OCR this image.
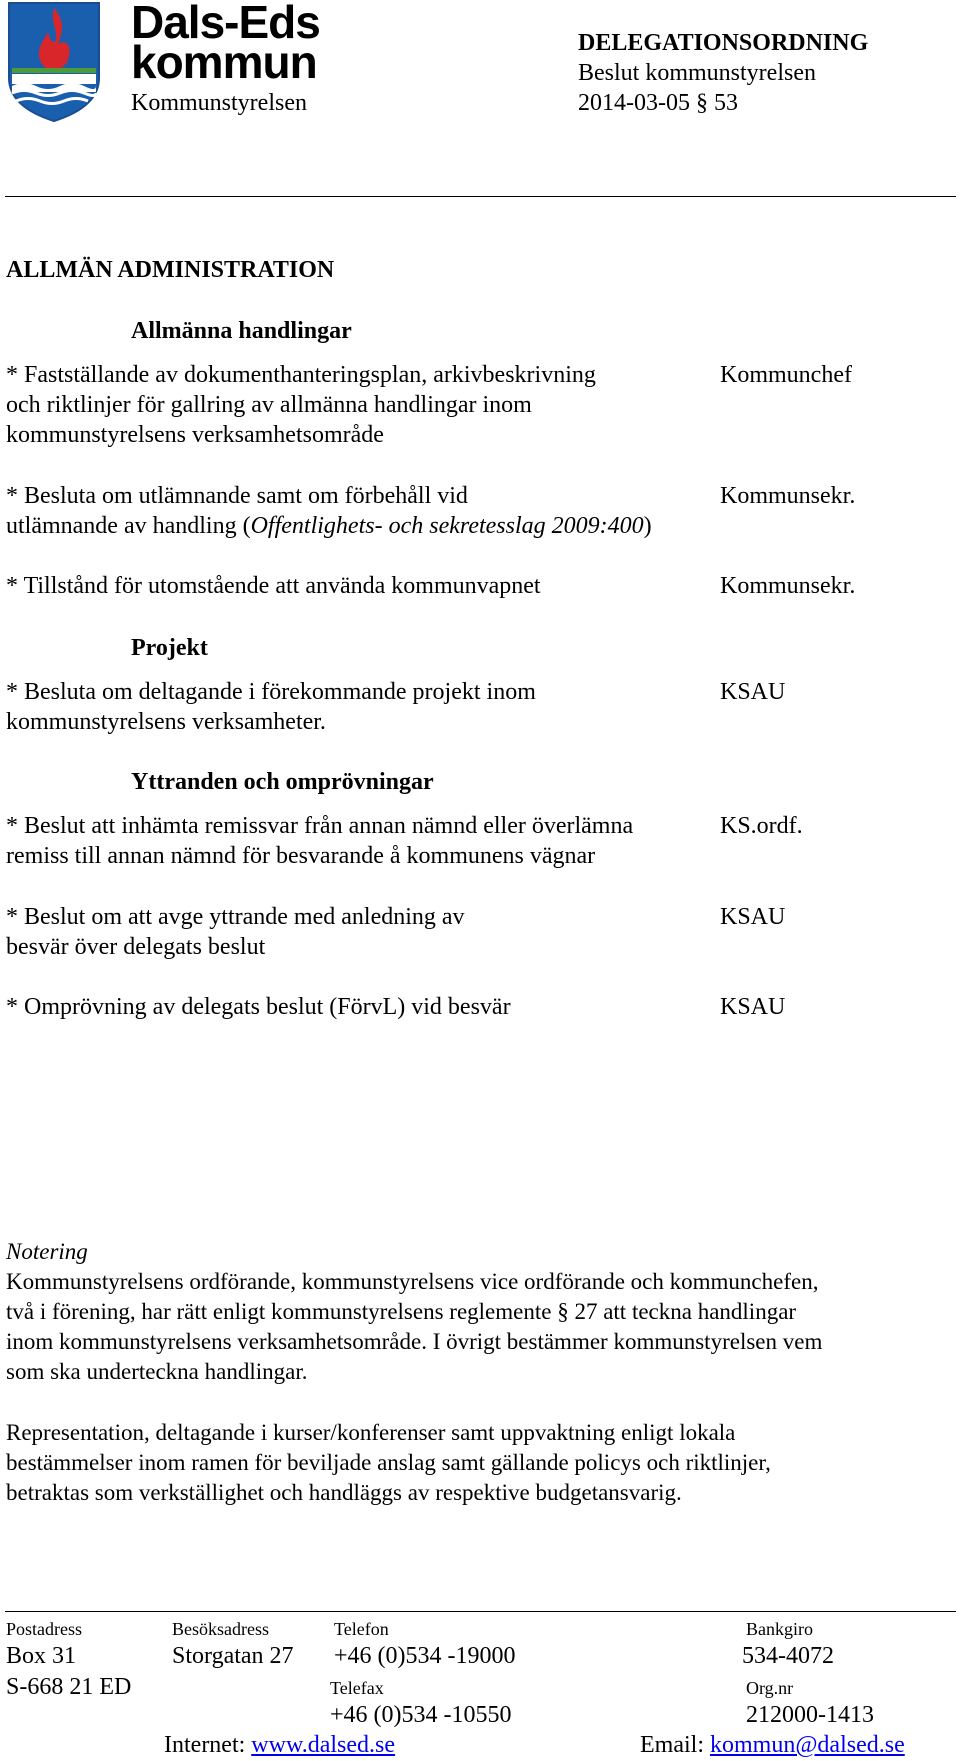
Dals-Eds
kommun
Kommunstyrelsen
DELEGATIONSORDNING
Beslut kommunstyrelsen
2014-03-05 § 53
ALLMÄN ADMINISTRATION
Allmänna handlingar
* Fastställande av dokumenthanteringsplan, arkivbeskrivning
och riktlinjer för gallring av allmänna handlingar inom
kommunstyrelsens verksamhetsområde
Kommunchef
* Besluta om utlämnande samt om förbehåll vid
utlämnande av handling (Offentlighets- och sekretesslag 2009:400)
Kommunsekr.
* Tillstånd för utomstående att använda kommunvapnet	Kommunsekr.
Projekt
* Besluta om deltagande i förekommande projekt inom
kommunstyrelsens verksamheter.
KSAU
Yttranden och omprövningar
* Beslut att inhämta remissvar från annan nämnd eller överlämna
remiss till annan nämnd för besvarande å kommunens vägnar
KS.ordf.
* Beslut om att avge yttrande med anledning av
besvär över delegats beslut
KSAU
* Omprövning av delegats beslut (FörvL) vid besvär	KSAU
Notering
Kommunstyrelsens ordförande, kommunstyrelsens vice ordförande och kommunchefen,
två i förening, har rätt enligt kommunstyrelsens reglemente § 27 att teckna handlingar
inom kommunstyrelsens verksamhetsområde. I övrigt bestämmer kommunstyrelsen vem
som ska underteckna handlingar.
Representation, deltagande i kurser/konferenser samt uppvaktning enligt lokala
bestämmelser inom ramen för beviljade anslag samt gällande policys och riktlinjer,
betraktas som verkställighet och handläggs av respektive budgetansvarig.
Postadress	Besöksadress	Telefon	Bankgiro
Box 31	Storgatan 27 +46 (0)534 -19000	534-4072
S-668 21 ED	Telefax	Org.nr
+46 (0)534 -10550	212000-1413
Internet: www.dalsed.se	Email: kommun@dalsed.se
